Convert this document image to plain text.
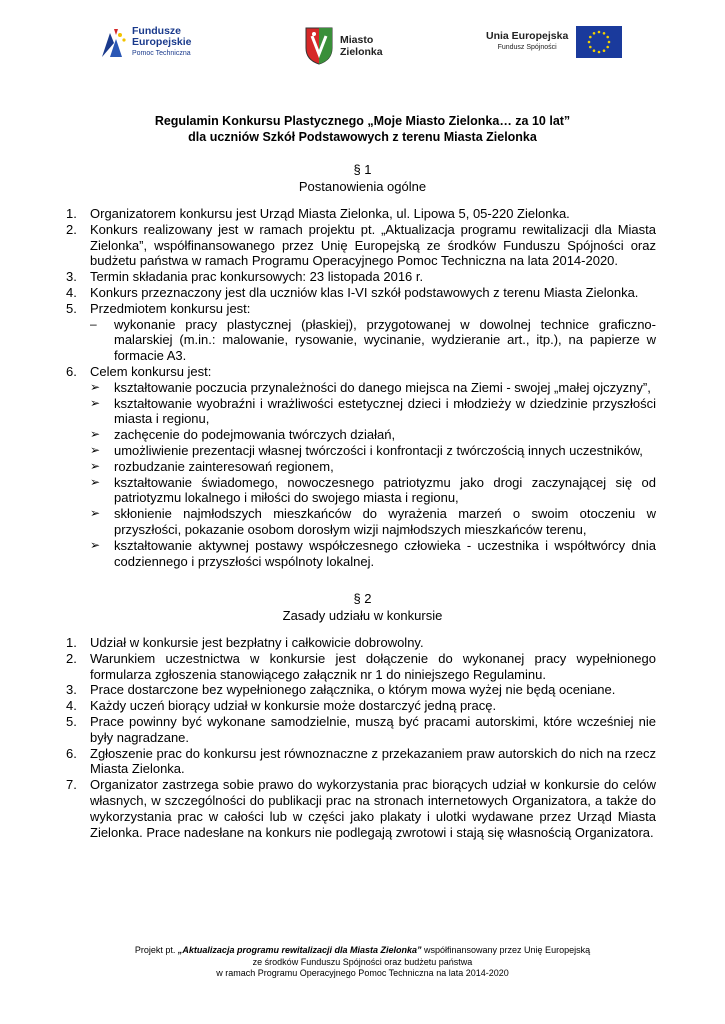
Fundusze
Europejskie
Pomoc Techniczna
Miasto
Zielonka
Unia Europejska
Fundusz Spójności
Regulamin Konkursu Plastycznego „Moje Miasto Zielonka… za 10 lat”
dla uczniów Szkół Podstawowych z terenu Miasta Zielonka
§ 1
Postanowienia ogólne
1. Organizatorem konkursu jest Urząd Miasta Zielonka, ul. Lipowa 5, 05-220 Zielonka.
2. Konkurs realizowany jest w ramach projektu pt. „Aktualizacja programu rewitalizacji dla Miasta Zielonka”, współfinansowanego przez Unię Europejską ze środków Funduszu Spójności oraz budżetu państwa w ramach Programu Operacyjnego Pomoc Techniczna na lata 2014-2020.
3. Termin składania prac konkursowych: 23 listopada 2016 r.
4. Konkurs przeznaczony jest dla uczniów klas I-VI szkół podstawowych z terenu Miasta Zielonka.
5. Przedmiotem konkursu jest:
– wykonanie pracy plastycznej (płaskiej), przygotowanej w dowolnej technice graficzno-malarskiej (m.in.: malowanie, rysowanie, wycinanie, wydzieranie art., itp.), na papierze w formacie A3.
6. Celem konkursu jest:
➢ kształtowanie poczucia przynależności do danego miejsca na Ziemi - swojej „małej ojczyzny”,
➢ kształtowanie wyobraźni i wrażliwości estetycznej dzieci i młodzieży w dziedzinie przyszłości miasta i regionu,
➢ zachęcenie do podejmowania twórczych działań,
➢ umożliwienie prezentacji własnej twórczości i konfrontacji z twórczością innych uczestników,
➢ rozbudzanie zainteresowań regionem,
➢ kształtowanie świadomego, nowoczesnego patriotyzmu jako drogi zaczynającej się od patriotyzmu lokalnego i miłości do swojego miasta i regionu,
➢ skłonienie najmłodszych mieszkańców do wyrażenia marzeń o swoim otoczeniu w przyszłości, pokazanie osobom dorosłym wizji najmłodszych mieszkańców terenu,
➢ kształtowanie aktywnej postawy współczesnego człowieka - uczestnika i współtwórcy dnia codziennego i przyszłości wspólnoty lokalnej.
§ 2
Zasady udziału w konkursie
1. Udział w konkursie jest bezpłatny i całkowicie dobrowolny.
2. Warunkiem uczestnictwa w konkursie jest dołączenie do wykonanej pracy wypełnionego formularza zgłoszenia stanowiącego załącznik nr 1 do niniejszego Regulaminu.
3. Prace dostarczone bez wypełnionego załącznika, o którym mowa wyżej nie będą oceniane.
4. Każdy uczeń biorący udział w konkursie może dostarczyć jedną pracę.
5. Prace powinny być wykonane samodzielnie, muszą być pracami autorskimi, które wcześniej nie były nagradzane.
6. Zgłoszenie prac do konkursu jest równoznaczne z przekazaniem praw autorskich do nich na rzecz Miasta Zielonka.
7. Organizator zastrzega sobie prawo do wykorzystania prac biorących udział w konkursie do celów własnych, w szczególności do publikacji prac na stronach internetowych Organizatora, a także do wykorzystania prac w całości lub w części jako plakaty i ulotki wydawane przez Urząd Miasta Zielonka. Prace nadesłane na konkurs nie podlegają zwrotowi i stają się własnością Organizatora.
Projekt pt. „Aktualizacja programu rewitalizacji dla Miasta Zielonka” współfinansowany przez Unię Europejską
ze środków Funduszu Spójności oraz budżetu państwa
w ramach Programu Operacyjnego Pomoc Techniczna na lata 2014-2020
